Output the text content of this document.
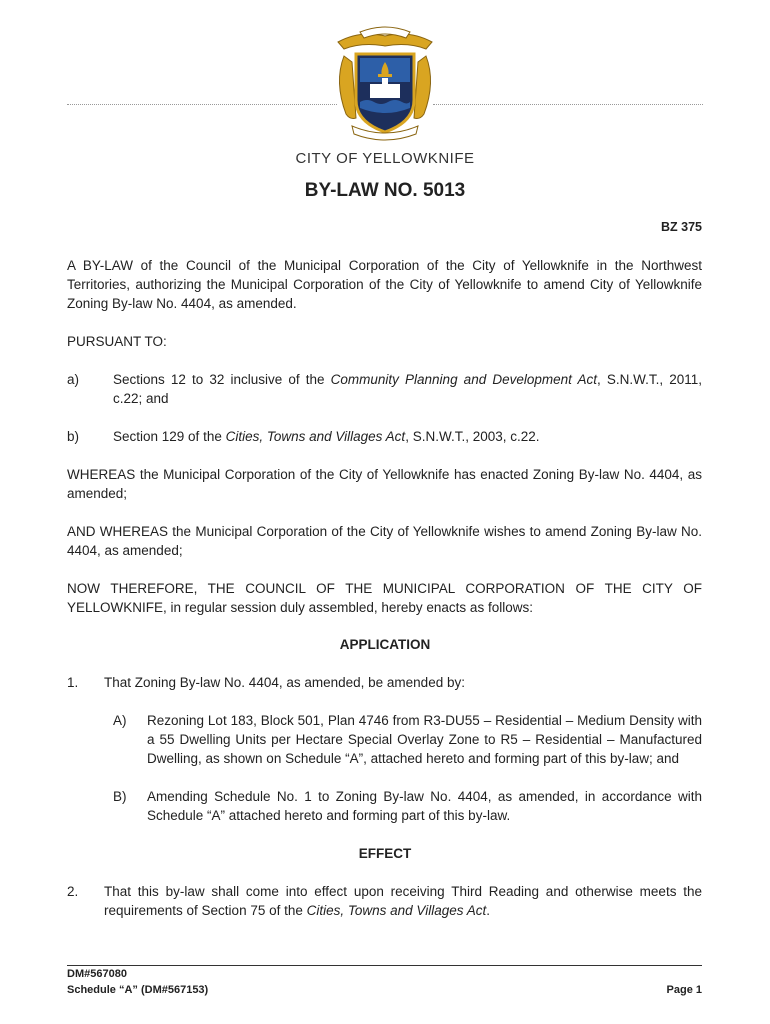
CITY OF YELLOWKNIFE
BY-LAW NO. 5013
BZ 375
A BY-LAW of the Council of the Municipal Corporation of the City of Yellowknife in the Northwest Territories, authorizing the Municipal Corporation of the City of Yellowknife to amend City of Yellowknife Zoning By-law No. 4404, as amended.
PURSUANT TO:
a)	Sections 12 to 32 inclusive of the Community Planning and Development Act, S.N.W.T., 2011, c.22; and
b)	Section 129 of the Cities, Towns and Villages Act, S.N.W.T., 2003, c.22.
WHEREAS the Municipal Corporation of the City of Yellowknife has enacted Zoning By-law No. 4404, as amended;
AND WHEREAS the Municipal Corporation of the City of Yellowknife wishes to amend Zoning By-law No. 4404, as amended;
NOW THEREFORE, THE COUNCIL OF THE MUNICIPAL CORPORATION OF THE CITY OF YELLOWKNIFE, in regular session duly assembled, hereby enacts as follows:
APPLICATION
1. That Zoning By-law No. 4404, as amended, be amended by:
A) Rezoning Lot 183, Block 501, Plan 4746 from R3-DU55 – Residential – Medium Density with a 55 Dwelling Units per Hectare Special Overlay Zone to R5 – Residential – Manufactured Dwelling, as shown on Schedule “A”, attached hereto and forming part of this by-law; and
B) Amending Schedule No. 1 to Zoning By-law No. 4404, as amended, in accordance with Schedule “A” attached hereto and forming part of this by-law.
EFFECT
2. That this by-law shall come into effect upon receiving Third Reading and otherwise meets the requirements of Section 75 of the Cities, Towns and Villages Act.
DM#567080
Schedule “A” (DM#567153)	Page 1
